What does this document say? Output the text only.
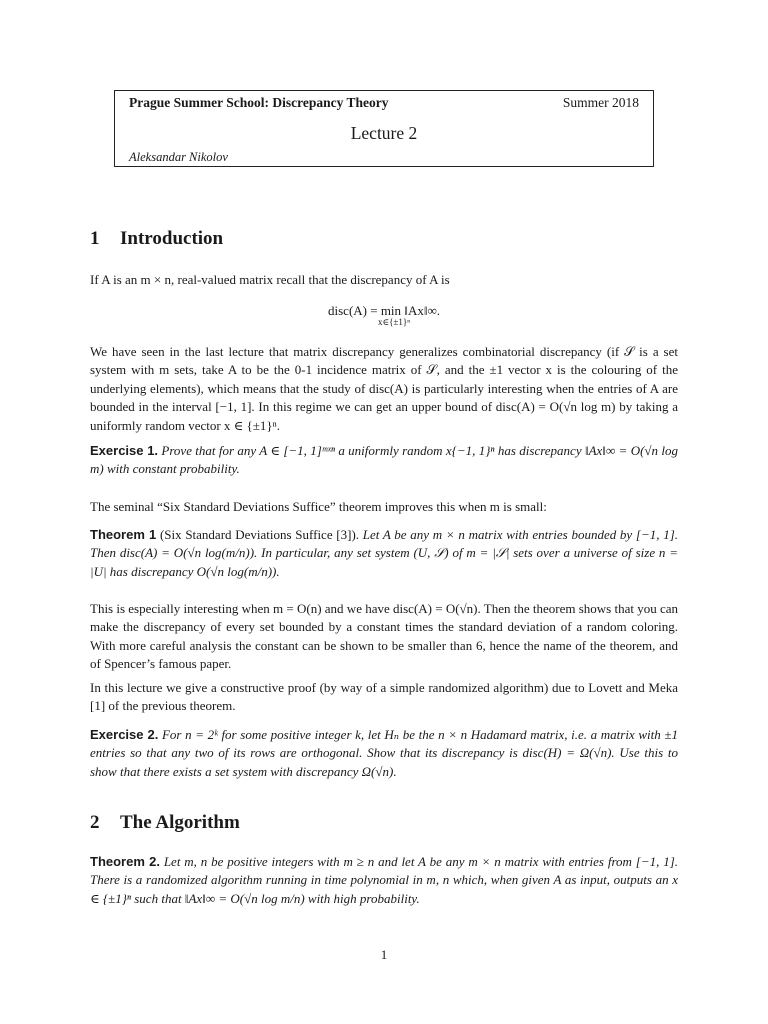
Prague Summer School: Discrepancy Theory	Summer 2018
Lecture 2
Aleksandar Nikolov
1 Introduction

If A is an m × n, real-valued matrix recall that the discrepancy of A is

disc(A) = min ‖Ax‖∞.
x∈{±1}ⁿ

We have seen in the last lecture that matrix discrepancy generalizes combinatorial discrepancy (if 𝒮 is a set system with m sets, take A to be the 0-1 incidence matrix of 𝒮, and the ±1 vector x is the colouring of the underlying elements), which means that the study of disc(A) is particularly interesting when the entries of A are bounded in the interval [−1, 1]. In this regime we can get an upper bound of disc(A) = O(√n log m) by taking a uniformly random vector x ∈ {±1}ⁿ.

Exercise 1. Prove that for any A ∈ [−1, 1]ᵐˣⁿ a uniformly random x{−1, 1}ⁿ has discrepancy ‖Ax‖∞ = O(√n log m) with constant probability.

The seminal “Six Standard Deviations Suffice” theorem improves this when m is small:

Theorem 1 (Six Standard Deviations Suffice [3]). Let A be any m × n matrix with entries bounded by [−1, 1]. Then disc(A) = O(√n log(m/n)). In particular, any set system (U, 𝒮) of m = |𝒮| sets over a universe of size n = |U| has discrepancy O(√n log(m/n)).

This is especially interesting when m = O(n) and we have disc(A) = O(√n). Then the theorem shows that you can make the discrepancy of every set bounded by a constant times the standard deviation of a random coloring. With more careful analysis the constant can be shown to be smaller than 6, hence the name of the theorem, and of Spencer’s famous paper.

In this lecture we give a constructive proof (by way of a simple randomized algorithm) due to Lovett and Meka [1] of the previous theorem.

Exercise 2. For n = 2ᵏ for some positive integer k, let Hₙ be the n × n Hadamard matrix, i.e. a matrix with ±1 entries so that any two of its rows are orthogonal. Show that its discrepancy is disc(H) = Ω(√n). Use this to show that there exists a set system with discrepancy Ω(√n).

2 The Algorithm

Theorem 2. Let m, n be positive integers with m ≥ n and let A be any m × n matrix with entries from [−1, 1]. There is a randomized algorithm running in time polynomial in m, n which, when given A as input, outputs an x ∈ {±1}ⁿ such that ‖Ax‖∞ = O(√n log m/n) with high probability.

1
